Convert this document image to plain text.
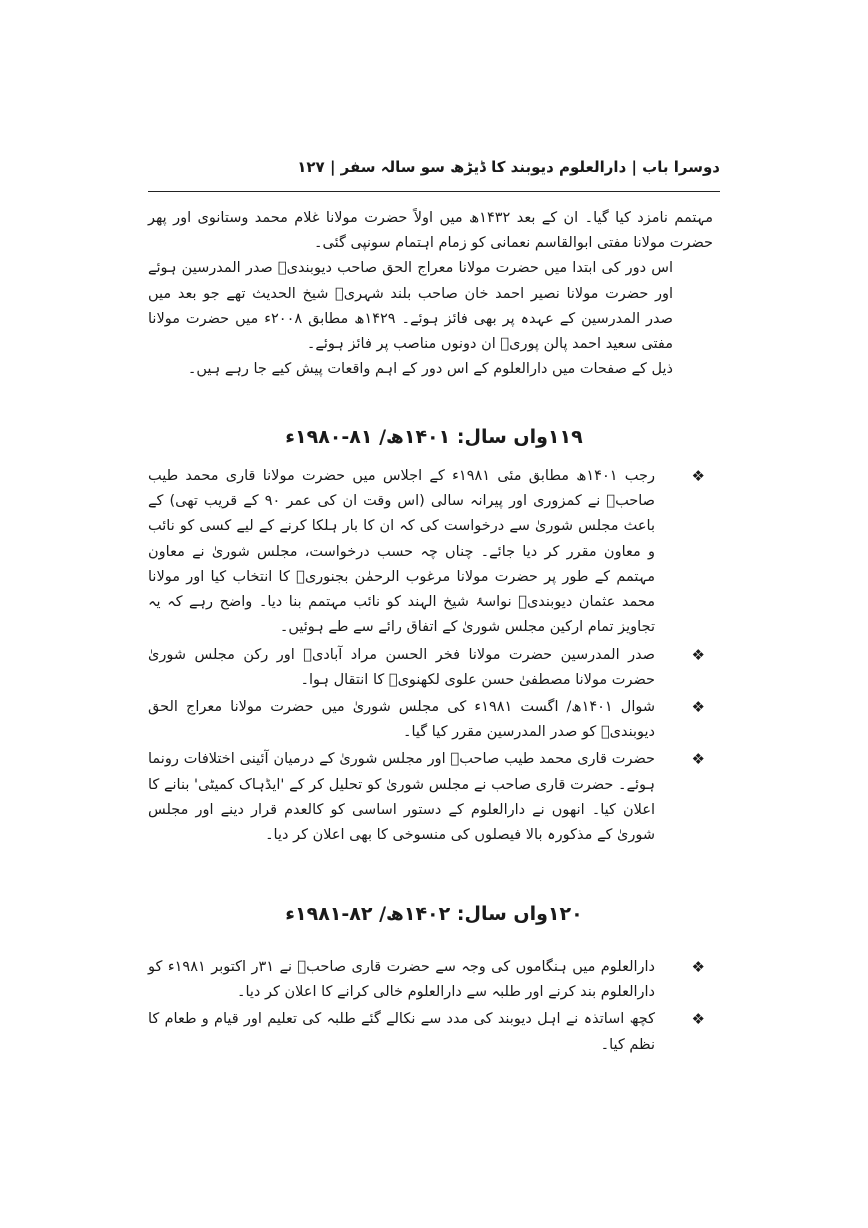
دوسرا باب | دارالعلوم دیوبند کا ڈیڑھ سو سالہ سفر | ۱۲۷

مہتمم نامزد کیا گیا۔ ان کے بعد ۱۴۳۲ھ میں اولاً حضرت مولانا غلام محمد وستانوی اور پھر حضرت مولانا مفتی ابوالقاسم نعمانی کو زمام اہتمام سونپی گئی۔

اس دور کی ابتدا میں حضرت مولانا معراج الحق صاحب دیوبندیؒ صدر المدرسین ہوئے اور حضرت مولانا نصیر احمد خان صاحب بلند شہریؒ شیخ الحدیث تھے جو بعد میں صدر المدرسین کے عہدہ پر بھی فائز ہوئے۔ ۱۴۲۹ھ مطابق ۲۰۰۸ء میں حضرت مولانا مفتی سعید احمد پالن پوریؒ ان دونوں مناصب پر فائز ہوئے۔

ذیل کے صفحات میں دارالعلوم کے اس دور کے اہم واقعات پیش کیے جا رہے ہیں۔

۱۱۹واں سال: ۱۴۰۱ھ/ ۸۱-۱۹۸۰ء
❖
رجب ۱۴۰۱ھ مطابق مئی ۱۹۸۱ء کے اجلاس میں حضرت مولانا قاری محمد طیب صاحبؒ نے کمزوری اور پیرانہ سالی (اس وقت ان کی عمر ۹۰ کے قریب تھی) کے باعث مجلس شوریٰ سے درخواست کی کہ ان کا بار ہلکا کرنے کے لیے کسی کو نائب و معاون مقرر کر دیا جائے۔ چناں چہ حسب درخواست، مجلس شوریٰ نے معاون مہتمم کے طور پر حضرت مولانا مرغوب الرحمٰن بجنوریؒ کا انتخاب کیا اور مولانا محمد عثمان دیوبندیؒ نواسۂ شیخ الہند کو نائب مہتمم بنا دیا۔ واضح رہے کہ یہ تجاویز تمام ارکین مجلس شوریٰ کے اتفاق رائے سے طے ہوئیں۔
❖
صدر المدرسین حضرت مولانا فخر الحسن مراد آبادیؒ اور رکن مجلس شوریٰ حضرت مولانا مصطفیٰ حسن علوی لکھنویؒ کا انتقال ہوا۔
❖
شوال ۱۴۰۱ھ/ اگست ۱۹۸۱ء کی مجلس شوریٰ میں حضرت مولانا معراج الحق دیوبندیؒ کو صدر المدرسین مقرر کیا گیا۔
❖
حضرت قاری محمد طیب صاحبؒ اور مجلس شوریٰ کے درمیان آئینی اختلافات رونما ہوئے۔ حضرت قاری صاحب نے مجلس شوریٰ کو تحلیل کر کے 'ایڈہاک کمیٹی' بنانے کا اعلان کیا۔ انھوں نے دارالعلوم کے دستور اساسی کو کالعدم قرار دینے اور مجلس شوریٰ کے مذکورہ بالا فیصلوں کی منسوخی کا بھی اعلان کر دیا۔
۱۲۰واں سال: ۱۴۰۲ھ/ ۸۲-۱۹۸۱ء
❖
دارالعلوم میں ہنگاموں کی وجہ سے حضرت قاری صاحبؒ نے ۳۱ر اکتوبر ۱۹۸۱ء کو دارالعلوم بند کرنے اور طلبہ سے دارالعلوم خالی کرانے کا اعلان کر دیا۔
❖
کچھ اساتذہ نے اہل دیوبند کی مدد سے نکالے گئے طلبہ کی تعلیم اور قیام و طعام کا نظم کیا۔
